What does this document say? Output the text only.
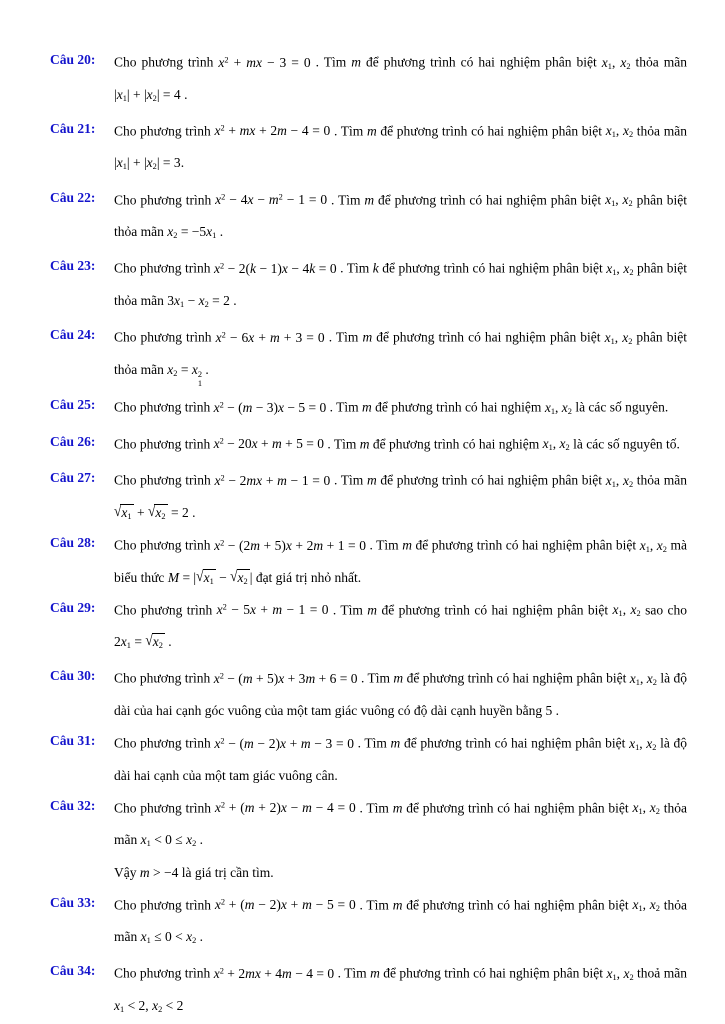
Câu 20:	Cho phương trình $x^2$ + mx − 3 = 0 . Tìm m để phương trình có hai nghiệm phân biệt x1, x2 thỏa mãn |x1| + |x2| = 4 .
Câu 21:	Cho phương trình $x^2$ + mx + 2m − 4 = 0 . Tìm m để phương trình có hai nghiệm phân biệt x1, x2 thỏa mãn |x1| + |x2| = 3.
Câu 22:	Cho phương trình $x^2 - 4x - m^2 - 1 = 0$ . Tìm m để phương trình có hai nghiệm phân biệt x1, x2 phân biệt thỏa mãn x2 = −5x1 .
Câu 23:	Cho phương trình $x^2 - 2(k - 1)x - 4k = 0$ . Tìm k để phương trình có hai nghiệm phân biệt x1, x2 phân biệt thỏa mãn 3x1 − x2 = 2 .
Câu 24:	Cho phương trình $x^2 - 6x + m + 3 = 0$ . Tìm m để phương trình có hai nghiệm phân biệt x1, x2 phân biệt thỏa mãn x2 = x 2
1
.
Câu 25:	Cho phương trình $x^2 - (m - 3)x - 5 = 0$ . Tìm m để phương trình có hai nghiệm x1, x2 là các số nguyên.
Câu 26:	Cho phương trình $x^2 - 20x + m + 5 = 0$ . Tìm m để phương trình có hai nghiệm x1, x2 là các số nguyên tố.
Câu 27:	Cho phương trình $x^2 - 2mx + m - 1 = 0$ . Tìm m để phương trình có hai nghiệm phân biệt x1, x2 thỏa mãn √x1 + √x2 = 2 .
Câu 28:	Cho phương trình $x^2 - (2m + 5)x + 2m + 1 = 0$ . Tìm m để phương trình có hai nghiệm phân biệt x1, x2 mà biểu thức M = |√x1 − √x2 | đạt giá trị nhỏ nhất.
Câu 29:	Cho phương trình $x^2 - 5x + m - 1 = 0$ . Tìm m để phương trình có hai nghiệm phân biệt x1, x2 sao cho 2x1 = √x2 .
Câu 30:	Cho phương trình $x^2 - (m + 5)x + 3m + 6 = 0$ . Tìm m để phương trình có hai nghiệm phân biệt x1, x2 là độ dài của hai cạnh góc vuông của một tam giác vuông có độ dài cạnh huyền bằng 5 .
Câu 31:	Cho phương trình $x^2 - (m - 2)x + m - 3 = 0$ . Tìm m để phương trình có hai nghiệm phân biệt x1, x2 là độ dài hai cạnh của một tam giác vuông cân.
Câu 32:	Cho phương trình $x^2 + (m + 2)x - m - 4 = 0$ . Tìm m để phương trình có hai nghiệm phân biệt x1, x2 thỏa mãn x1 < 0 ≤ x2 .
Vậy m > −4 là giá trị cần tìm.
Câu 33:	Cho phương trình $x^2 + (m - 2)x + m - 5 = 0$ . Tìm m để phương trình có hai nghiệm phân biệt x1, x2 thỏa mãn x1 ≤ 0 < x2 .
Câu 34:	Cho phương trình $x^2 + 2mx + 4m - 4 = 0$ . Tìm m để phương trình có hai nghiệm phân biệt x1, x2 thoả mãn x1 < 2, x2 < 2
